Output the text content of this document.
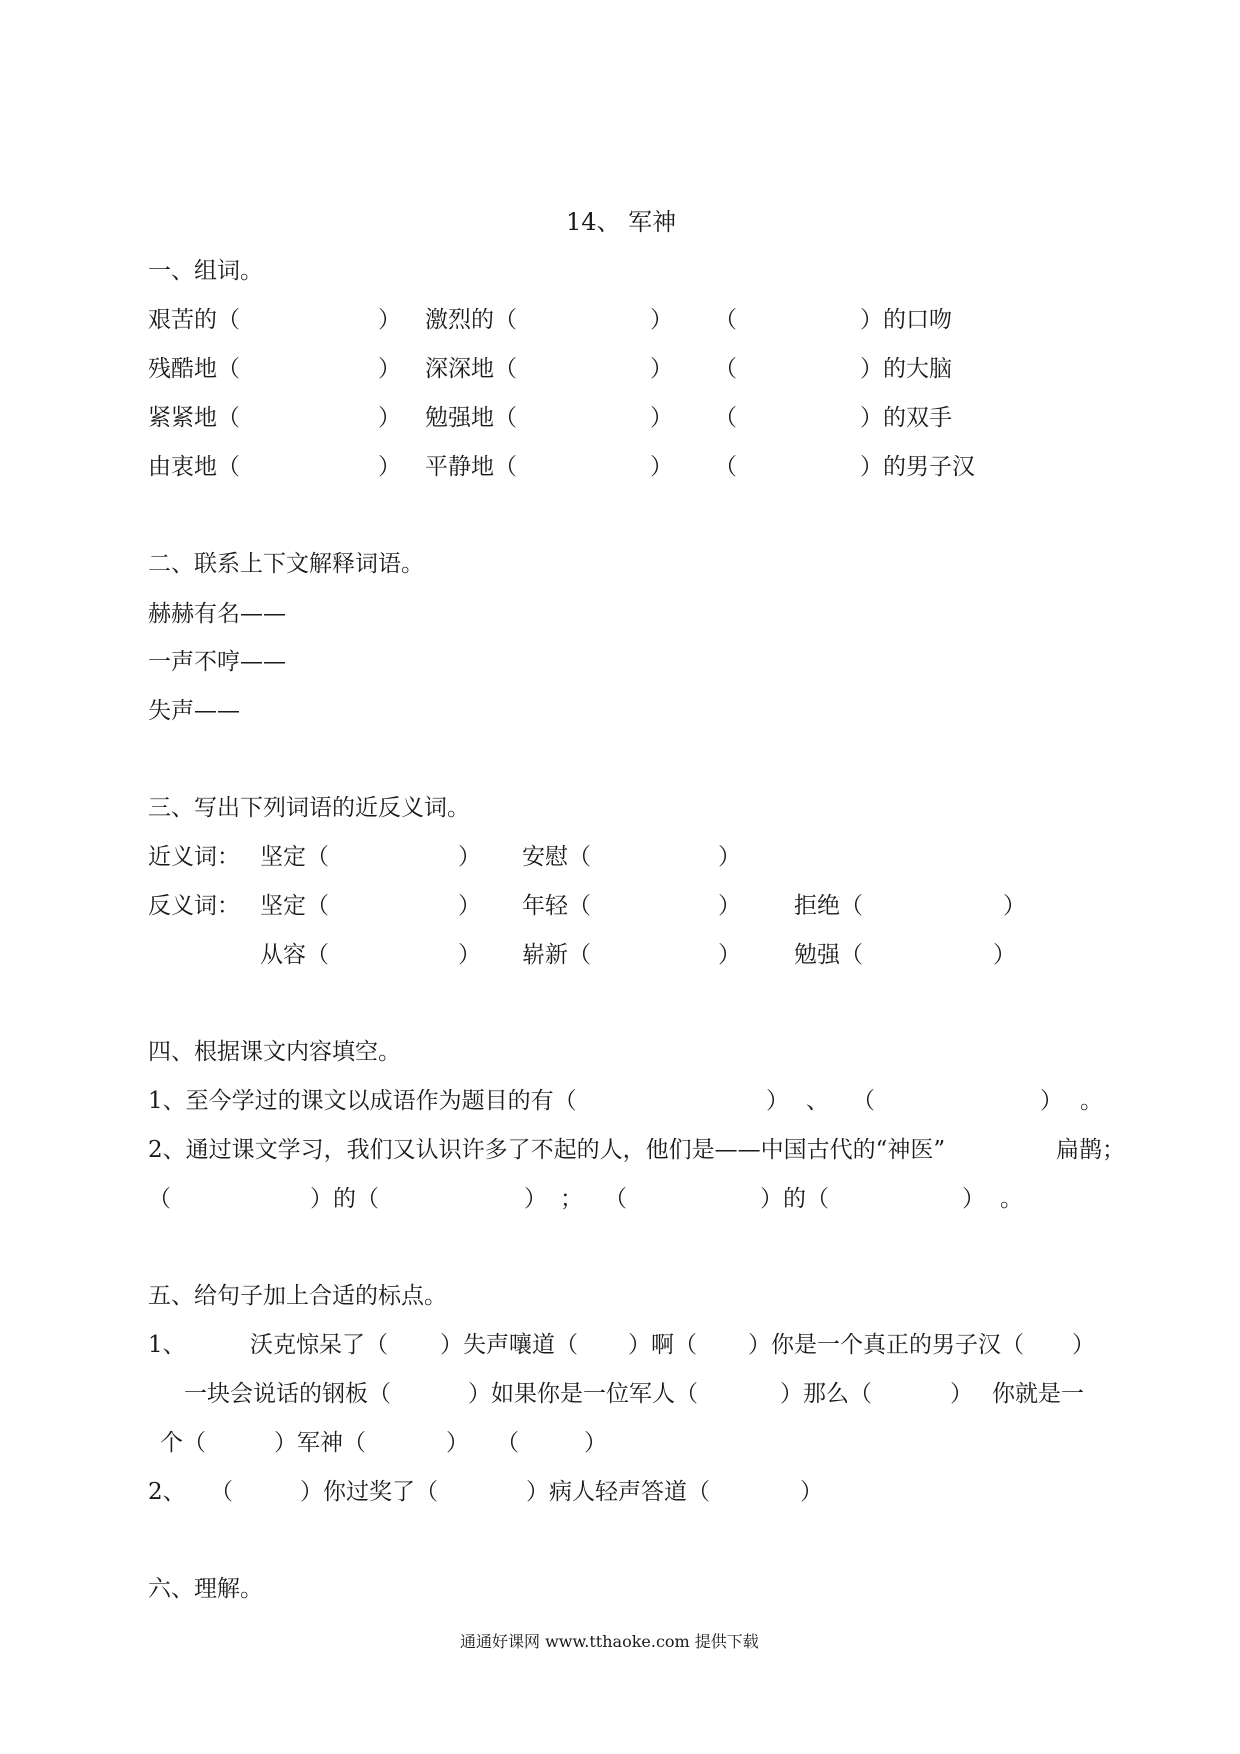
14、 军神
一、组词。
艰苦的（	） 激烈的（	） （	）的口吻
残酷地（	） 深深地（	） （	）的大脑
紧紧地（	） 勉强地（	） （	）的双手
由衷地（	） 平静地（	） （	）的男子汉
二、联系上下文解释词语。
赫赫有名——
一声不哼——
失声——
三、写出下列词语的近反义词。
近义词： 坚定（	） 安慰（	）
反义词： 坚定（	） 年轻（	） 拒绝（	）
从容（	） 崭新（	） 勉强（	）
四、根据课文内容填空。
1、至今学过的课文以成语作为题目的有（	） 、 （	） 。
2、通过课文学习，我们又认识许多了不起的人，他们是——中国古代的“神医”	扁鹊；
（	）的（	） ； （	）的（	） 。
五、给句子加上合适的标点。
1、	沃克惊呆了（ ）失声嚷道（ ）啊（ ）你是一个真正的男子汉（ ）
一块会说话的钢板（	）如果你是一位军人（	）那么（	） 你就是一
个（	）军神（	） （	）
2、 （	）你过奖了（	）病人轻声答道（	）
六、理解。
通通好课网 www.tthaoke.com 提供下载
